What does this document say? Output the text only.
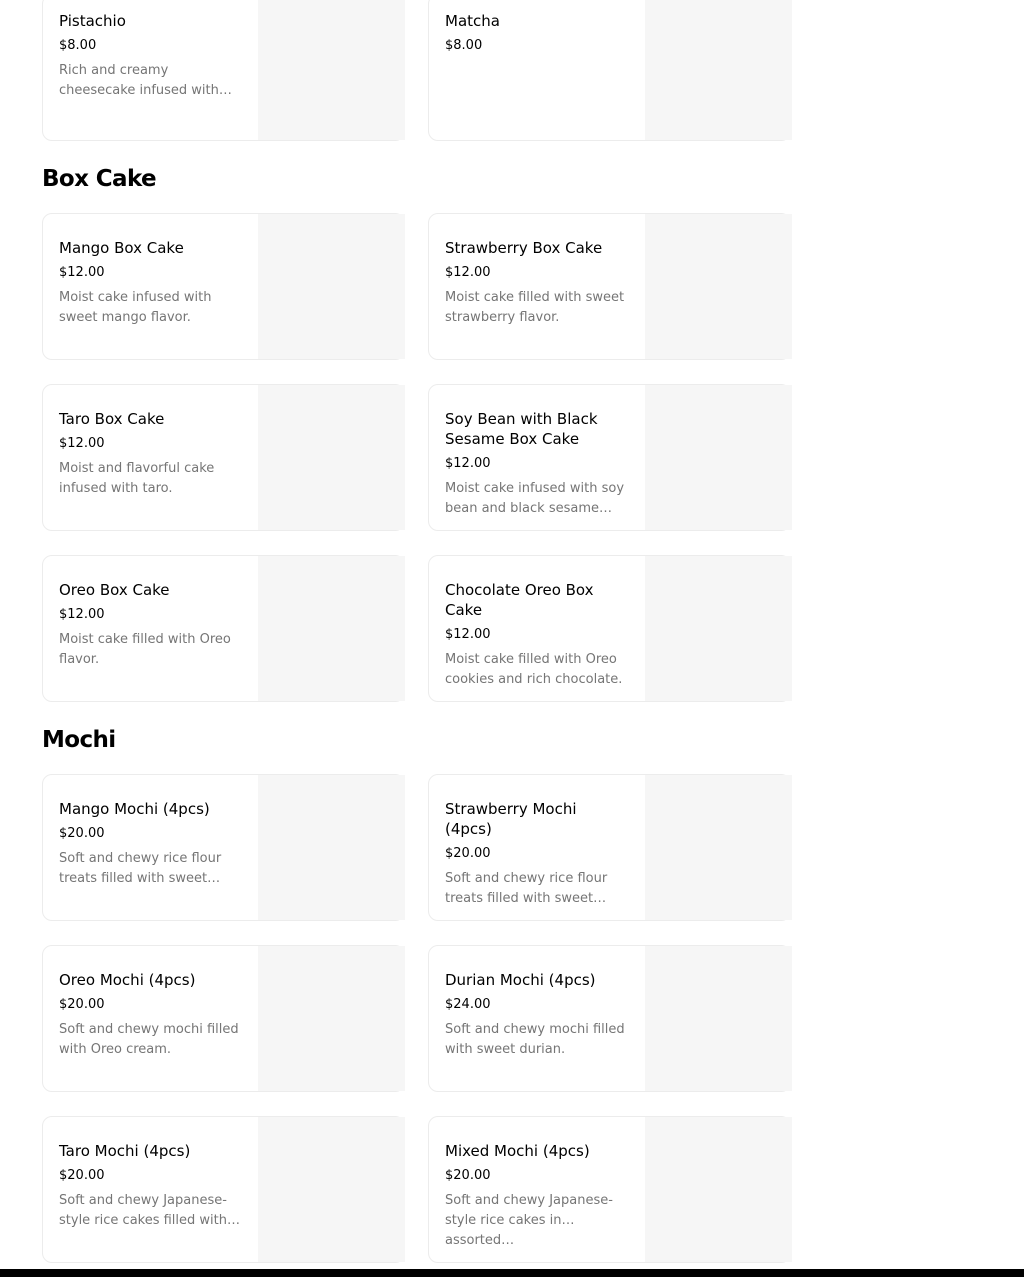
Pistachio
$8.00
Rich and creamy cheesecake infused with…
Matcha
$8.00
Box Cake
Mango Box Cake
$12.00
Moist cake infused with sweet mango flavor.
Strawberry Box Cake
$12.00
Moist cake filled with sweet strawberry flavor.
Taro Box Cake
$12.00
Moist and flavorful cake infused with taro.
Soy Bean with Black Sesame Box Cake
$12.00
Moist cake infused with soy bean and black sesame…
Oreo Box Cake
$12.00
Moist cake filled with Oreo flavor.
Chocolate Oreo Box Cake
$12.00
Moist cake filled with Oreo cookies and rich chocolate.
Mochi
Mango Mochi (4pcs)
$20.00
Soft and chewy rice flour treats filled with sweet…
Strawberry Mochi (4pcs)
$20.00
Soft and chewy rice flour treats filled with sweet…
Oreo Mochi (4pcs)
$20.00
Soft and chewy mochi filled with Oreo cream.
Durian Mochi (4pcs)
$24.00
Soft and chewy mochi filled with sweet durian.
Taro Mochi (4pcs)
$20.00
Soft and chewy Japanese-style rice cakes filled with…
Mixed Mochi (4pcs)
$20.00
Soft and chewy Japanese-style rice cakes in assorted…
